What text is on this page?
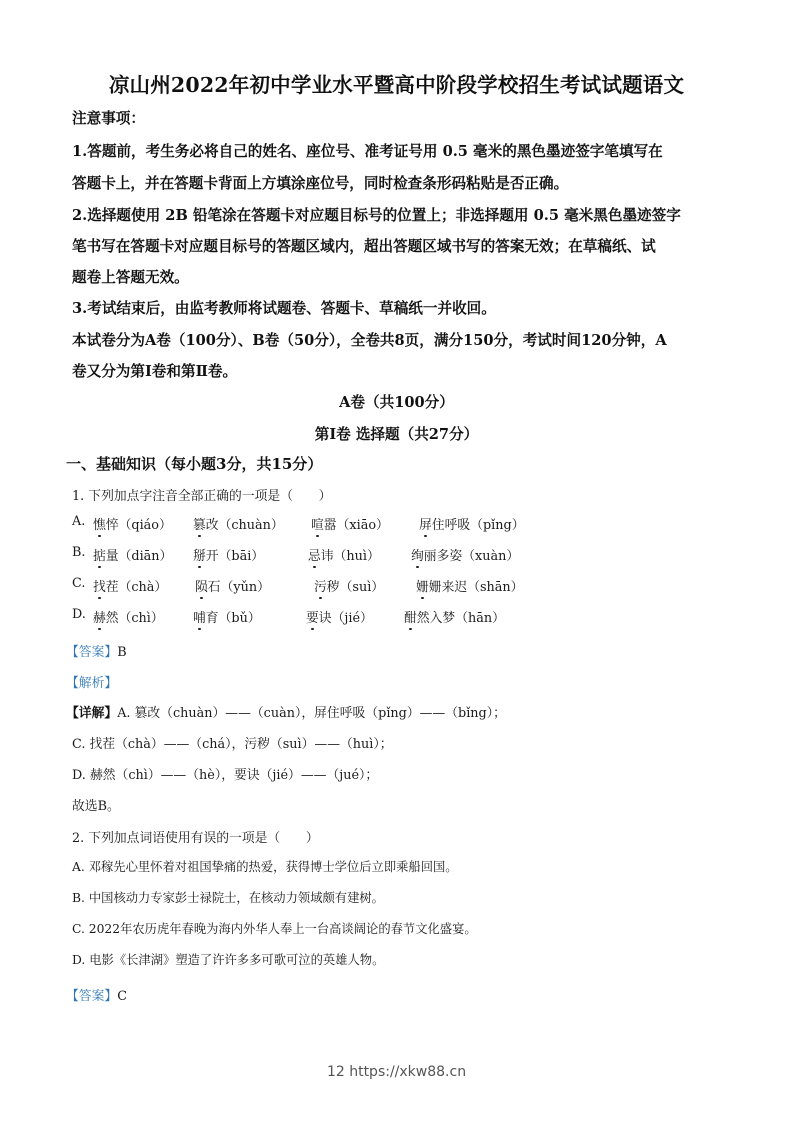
凉山州2022年初中学业水平暨高中阶段学校招生考试试题语文
注意事项：
1.答题前，考生务必将自己的姓名、座位号、准考证号用 0.5 毫米的黑色墨迹签字笔填写在
答题卡上，并在答题卡背面上方填涂座位号，同时检查条形码粘贴是否正确。
2.选择题使用 2B 铅笔涂在答题卡对应题目标号的位置上；非选择题用 0.5 毫米黑色墨迹签字
笔书写在答题卡对应题目标号的答题区域内，超出答题区域书写的答案无效；在草稿纸、试
题卷上答题无效。
3.考试结束后，由监考教师将试题卷、答题卡、草稿纸一并收回。
本试卷分为A卷（100分）、B卷（50分），全卷共8页，满分150分，考试时间120分钟，A
卷又分为第Ⅰ卷和第Ⅱ卷。
A卷（共100分）
第Ⅰ卷 选择题（共27分）
一、基础知识（每小题3分，共15分）
1. 下列加点字注音全部正确的一项是（　　）
A. 憔悴（qiáo） 篡改（chuàn） 喧嚣（xiāo） 屏住呼吸（pǐng）
B. 掂量（diān） 掰开（bāi）	忌讳（huì） 绚丽多姿（xuàn）
C. 找茬（chà） 陨石（yǔn）	污秽（suì） 姗姗来迟（shān）
D. 赫然（chì） 哺育（bǔ）	要诀（jié） 酣然入梦（hān）
【答案】B
【解析】
【详解】A. 篡改（chuàn）——（cuàn），屏住呼吸（pǐng）——（bǐng）；
C. 找茬（chà）——（chá），污秽（suì）——（huì）；
D. 赫然（chì）——（hè），要诀（jié）——（jué）；
故选B。
2. 下列加点词语使用有误的一项是（　　）
A. 邓稼先心里怀着对祖国挚痛的热爱，获得博士学位后立即乘船回国。
B. 中国核动力专家彭士禄院士，在核动力领域颇有建树。
C. 2022年农历虎年春晚为海内外华人奉上一台高谈阔论的春节文化盛宴。
D. 电影《长津湖》塑造了许许多多可歌可泣的英雄人物。
【答案】C
12 https://xkw88.cn
